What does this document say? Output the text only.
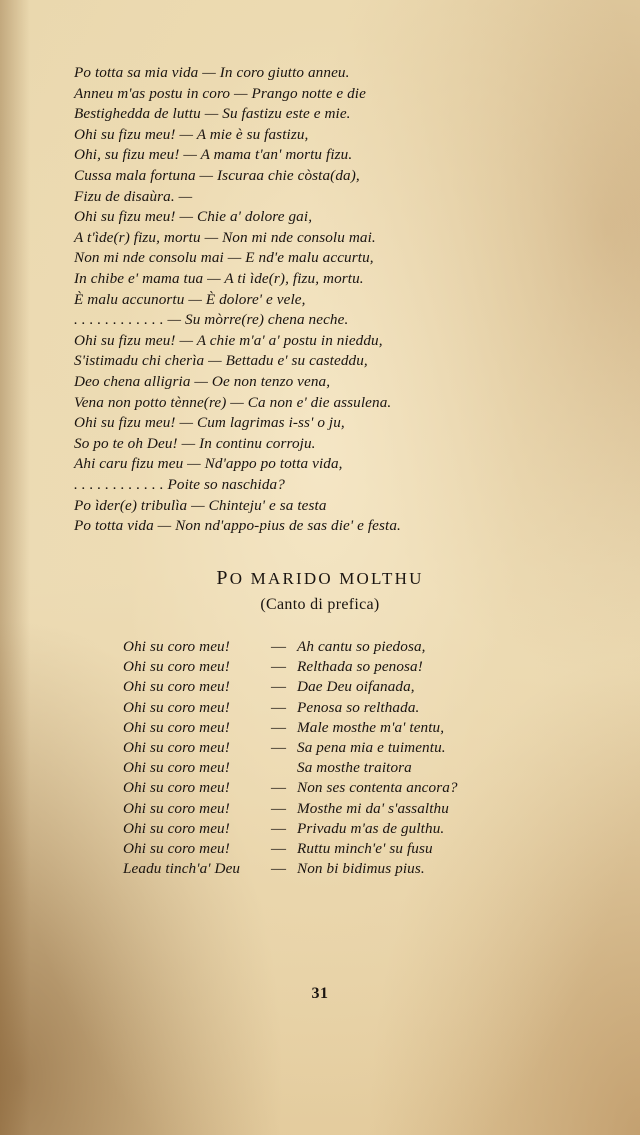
Po totta sa mia vida — In coro giutto anneu.
Anneu m'as postu in coro — Prango notte e die
Bestighedda de luttu — Su fastizu este e mie.
Ohi su fizu meu! — A mie è su fastizu,
Ohi, su fizu meu! — A mama t'an' mortu fizu.
Cussa mala fortuna — Iscuraa chie còsta(da),
Fizu de disaùra. —
Ohi su fizu meu! — Chie a' dolore gai,
A t'ìde(r) fizu, mortu — Non mi nde consolu mai.
Non mi nde consolu mai — E nd'e malu accurtu,
In chibe e' mama tua — A ti ìde(r), fizu, mortu.
È malu accunortu — È dolore' e vele,
. . . . . . . . . . . . — Su mòrre(re) chena neche.
Ohi su fizu meu! — A chie m'a' a' postu in nieddu,
S'istimadu chi cherìa — Bettadu e' su casteddu,
Deo chena alligria — Oe non tenzo vena,
Vena non potto tènne(re) — Ca non e' die assulena.
Ohi su fizu meu! — Cum lagrimas i-ss' o ju,
So po te oh Deu! — In continu corroju.
Ahi caru fizu meu — Nd'appo po totta vida,
. . . . . . . . . . . . Poite so naschida?
Po ìder(e) tribulìa — Chinteju' e sa testa
Po totta vida — Non nd'appo-pius de sas die' e festa.
PO MARIDO MOLTHU
(Canto di prefica)
Ohi su coro meu!	— Ah cantu so piedosa,
Ohi su coro meu!	— Relthada so penosa!
Ohi su coro meu!	— Dae Deu oifanada,
Ohi su coro meu!	— Penosa so relthada.
Ohi su coro meu!	— Male mosthe m'a' tentu,
Ohi su coro meu!	— Sa pena mia e tuimentu.
Ohi su coro meu!	Sa mosthe traitora
Ohi su coro meu!	— Non ses contenta ancora?
Ohi su coro meu!	— Mosthe mi da' s'assalthu
Ohi su coro meu!	— Privadu m'as de gulthu.
Ohi su coro meu!	— Ruttu minch'e' su fusu
Leadu tinch'a' Deu — Non bi bidimus pius.
31
